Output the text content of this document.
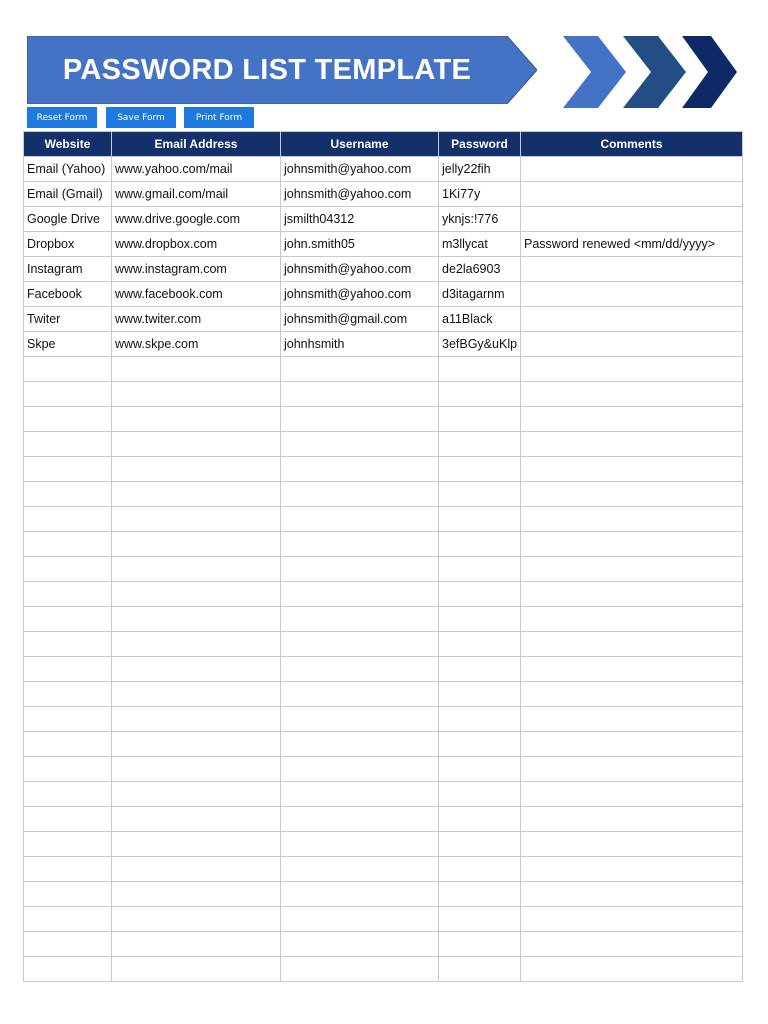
PASSWORD LIST TEMPLATE
Reset Form	Save Form	Print Form
Website	Email Address	Username	Password	Comments
Email (Yahoo)	www.yahoo.com/mail	johnsmith@yahoo.com	jelly22fih	
Email (Gmail)	www.gmail.com/mail	johnsmith@yahoo.com	1Ki77y	
Google Drive	www.drive.google.com	jsmilth04312	yknjs:!776	
Dropbox	www.dropbox.com	john.smith05	m3llycat	Password renewed <mm/dd/yyyy>
Instagram	www.instagram.com	johnsmith@yahoo.com	de2la6903	
Facebook	www.facebook.com	johnsmith@yahoo.com	d3itagarnm	
Twiter	www.twiter.com	johnsmith@gmail.com	a11Black	
Skpe	www.skpe.com	johnhsmith	3efBGy&uKlp	
